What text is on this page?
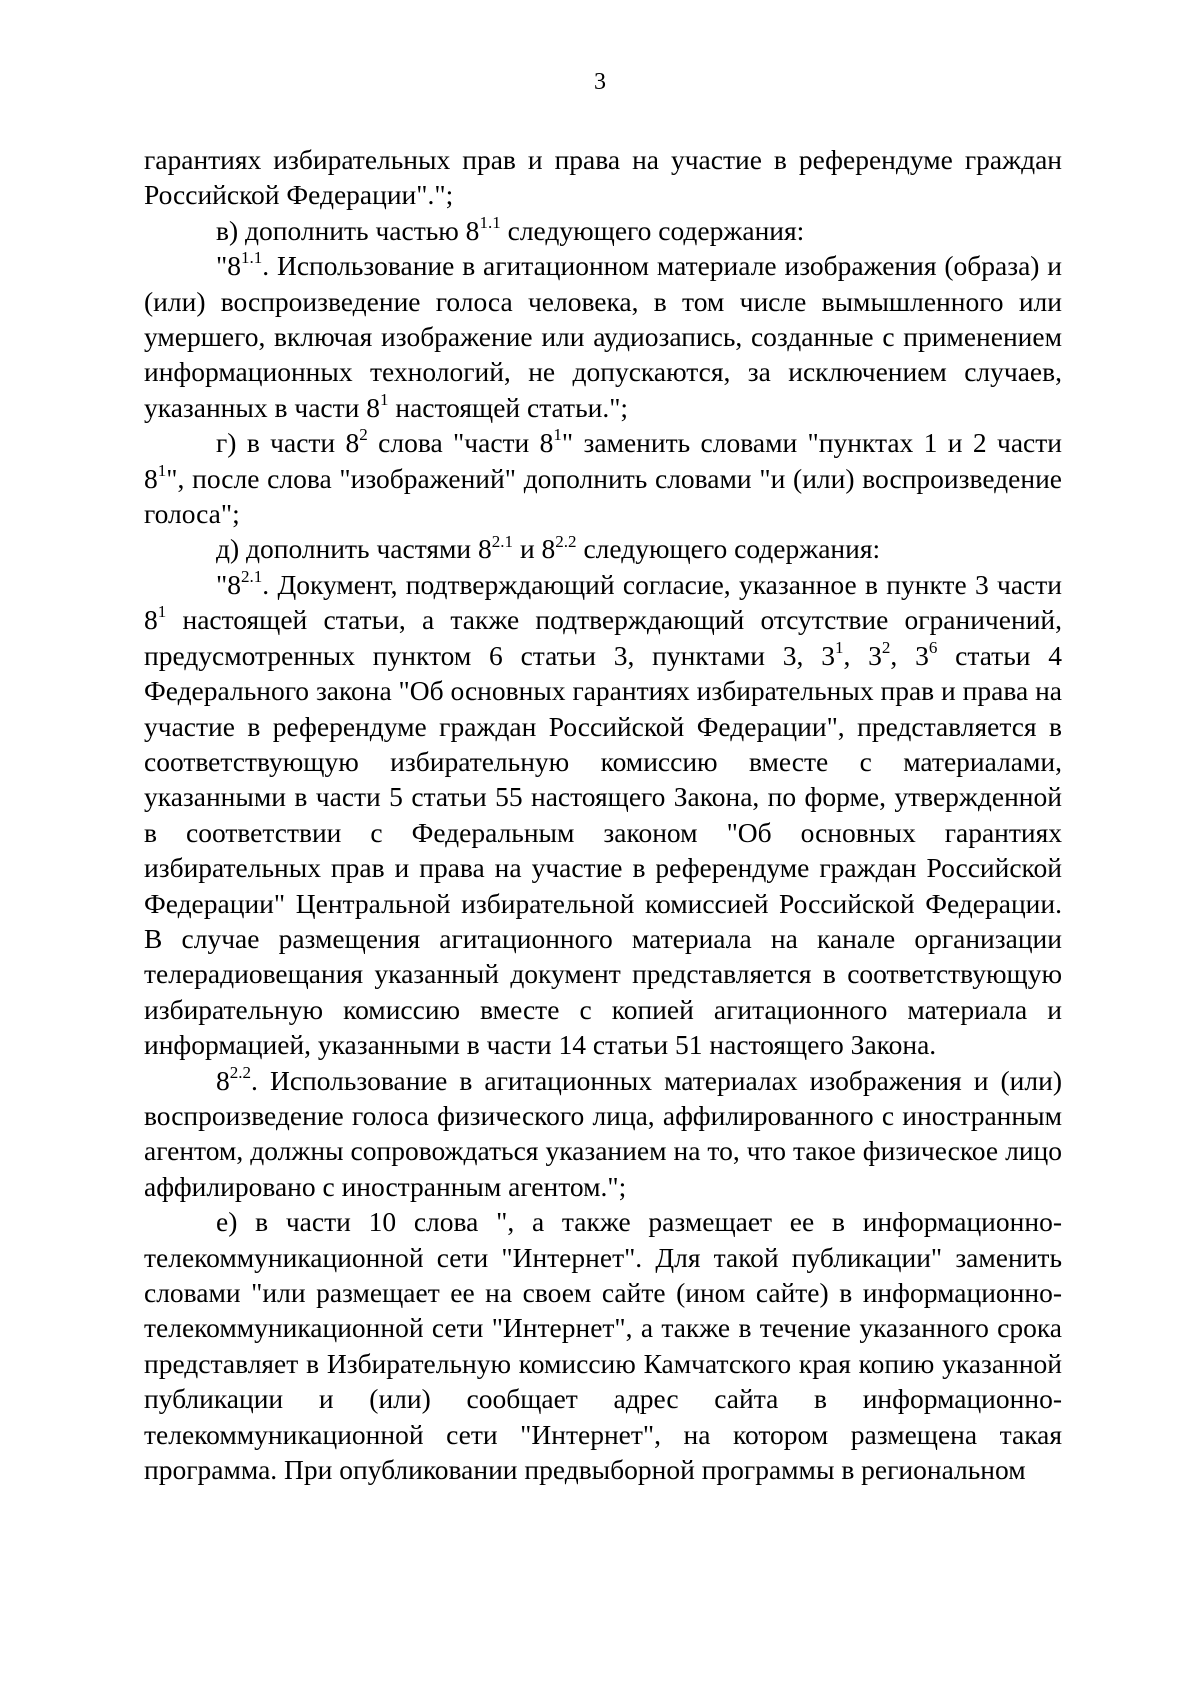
3

гарантиях избирательных прав и права на участие в референдуме граждан Российской Федерации".";

в) дополнить частью $8^{1.1}$ следующего содержания:

"$8^{1.1}$. Использование в агитационном материале изображения (образа) и (или) воспроизведение голоса человека, в том числе вымышленного или умершего, включая изображение или аудиозапись, созданные с применением информационных технологий, не допускаются, за исключением случаев, указанных в части $8^1$ настоящей статьи.";

г) в части $8^2$ слова "части $8^1$" заменить словами "пунктах 1 и 2 части $8^1$", после слова "изображений" дополнить словами "и (или) воспроизведение голоса";

д) дополнить частями $8^{2.1}$ и $8^{2.2}$ следующего содержания:

"$8^{2.1}$. Документ, подтверждающий согласие, указанное в пункте 3 части $8^1$ настоящей статьи, а также подтверждающий отсутствие ограничений, предусмотренных пунктом 6 статьи 3, пунктами 3, $3^1$, $3^2$, $3^6$ статьи 4 Федерального закона "Об основных гарантиях избирательных прав и права на участие в референдуме граждан Российской Федерации", представляется в соответствующую избирательную комиссию вместе с материалами, указанными в части 5 статьи 55 настоящего Закона, по форме, утвержденной в соответствии с Федеральным законом "Об основных гарантиях избирательных прав и права на участие в референдуме граждан Российской Федерации" Центральной избирательной комиссией Российской Федерации. В случае размещения агитационного материала на канале организации телерадиовещания указанный документ представляется в соответствующую избирательную комиссию вместе с копией агитационного материала и информацией, указанными в части 14 статьи 51 настоящего Закона.

$8^{2.2}$. Использование в агитационных материалах изображения и (или) воспроизведение голоса физического лица, аффилированного с иностранным агентом, должны сопровождаться указанием на то, что такое физическое лицо аффилировано с иностранным агентом.";

е) в части 10 слова ", а также размещает ее в информационно-телекоммуникационной сети "Интернет". Для такой публикации" заменить словами "или размещает ее на своем сайте (ином сайте) в информационно-телекоммуникационной сети "Интернет", а также в течение указанного срока представляет в Избирательную комиссию Камчатского края копию указанной публикации и (или) сообщает адрес сайта в информационно-телекоммуникационной сети "Интернет", на котором размещена такая программа. При опубликовании предвыборной программы в региональном
